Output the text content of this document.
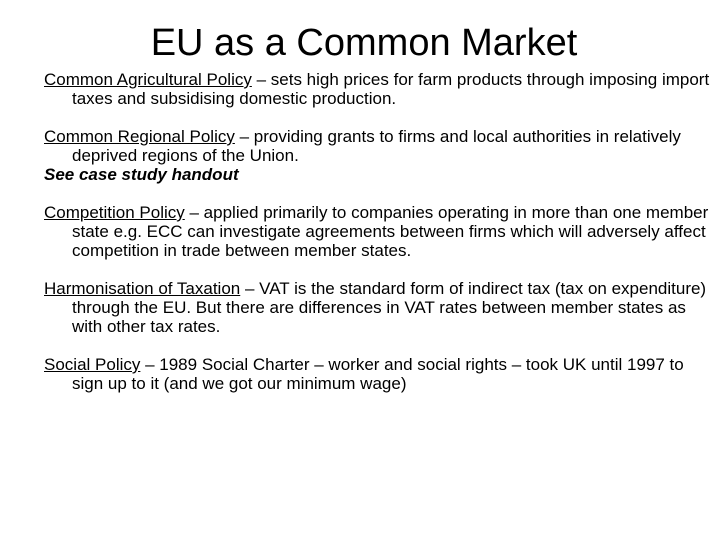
EU as a Common Market

Common Agricultural Policy – sets high prices for farm products through imposing import taxes and subsidising domestic production.

Common Regional Policy – providing grants to firms and local authorities in relatively deprived regions of the Union.

See case study handout

Competition Policy – applied primarily to companies operating in more than one member state e.g. ECC can investigate agreements between firms which will adversely affect competition in trade between member states.

Harmonisation of Taxation – VAT is the standard form of indirect tax (tax on expenditure) through the EU. But there are differences in VAT rates between member states as with other tax rates.

Social Policy – 1989 Social Charter – worker and social rights – took UK until 1997 to sign up to it (and we got our minimum wage)
